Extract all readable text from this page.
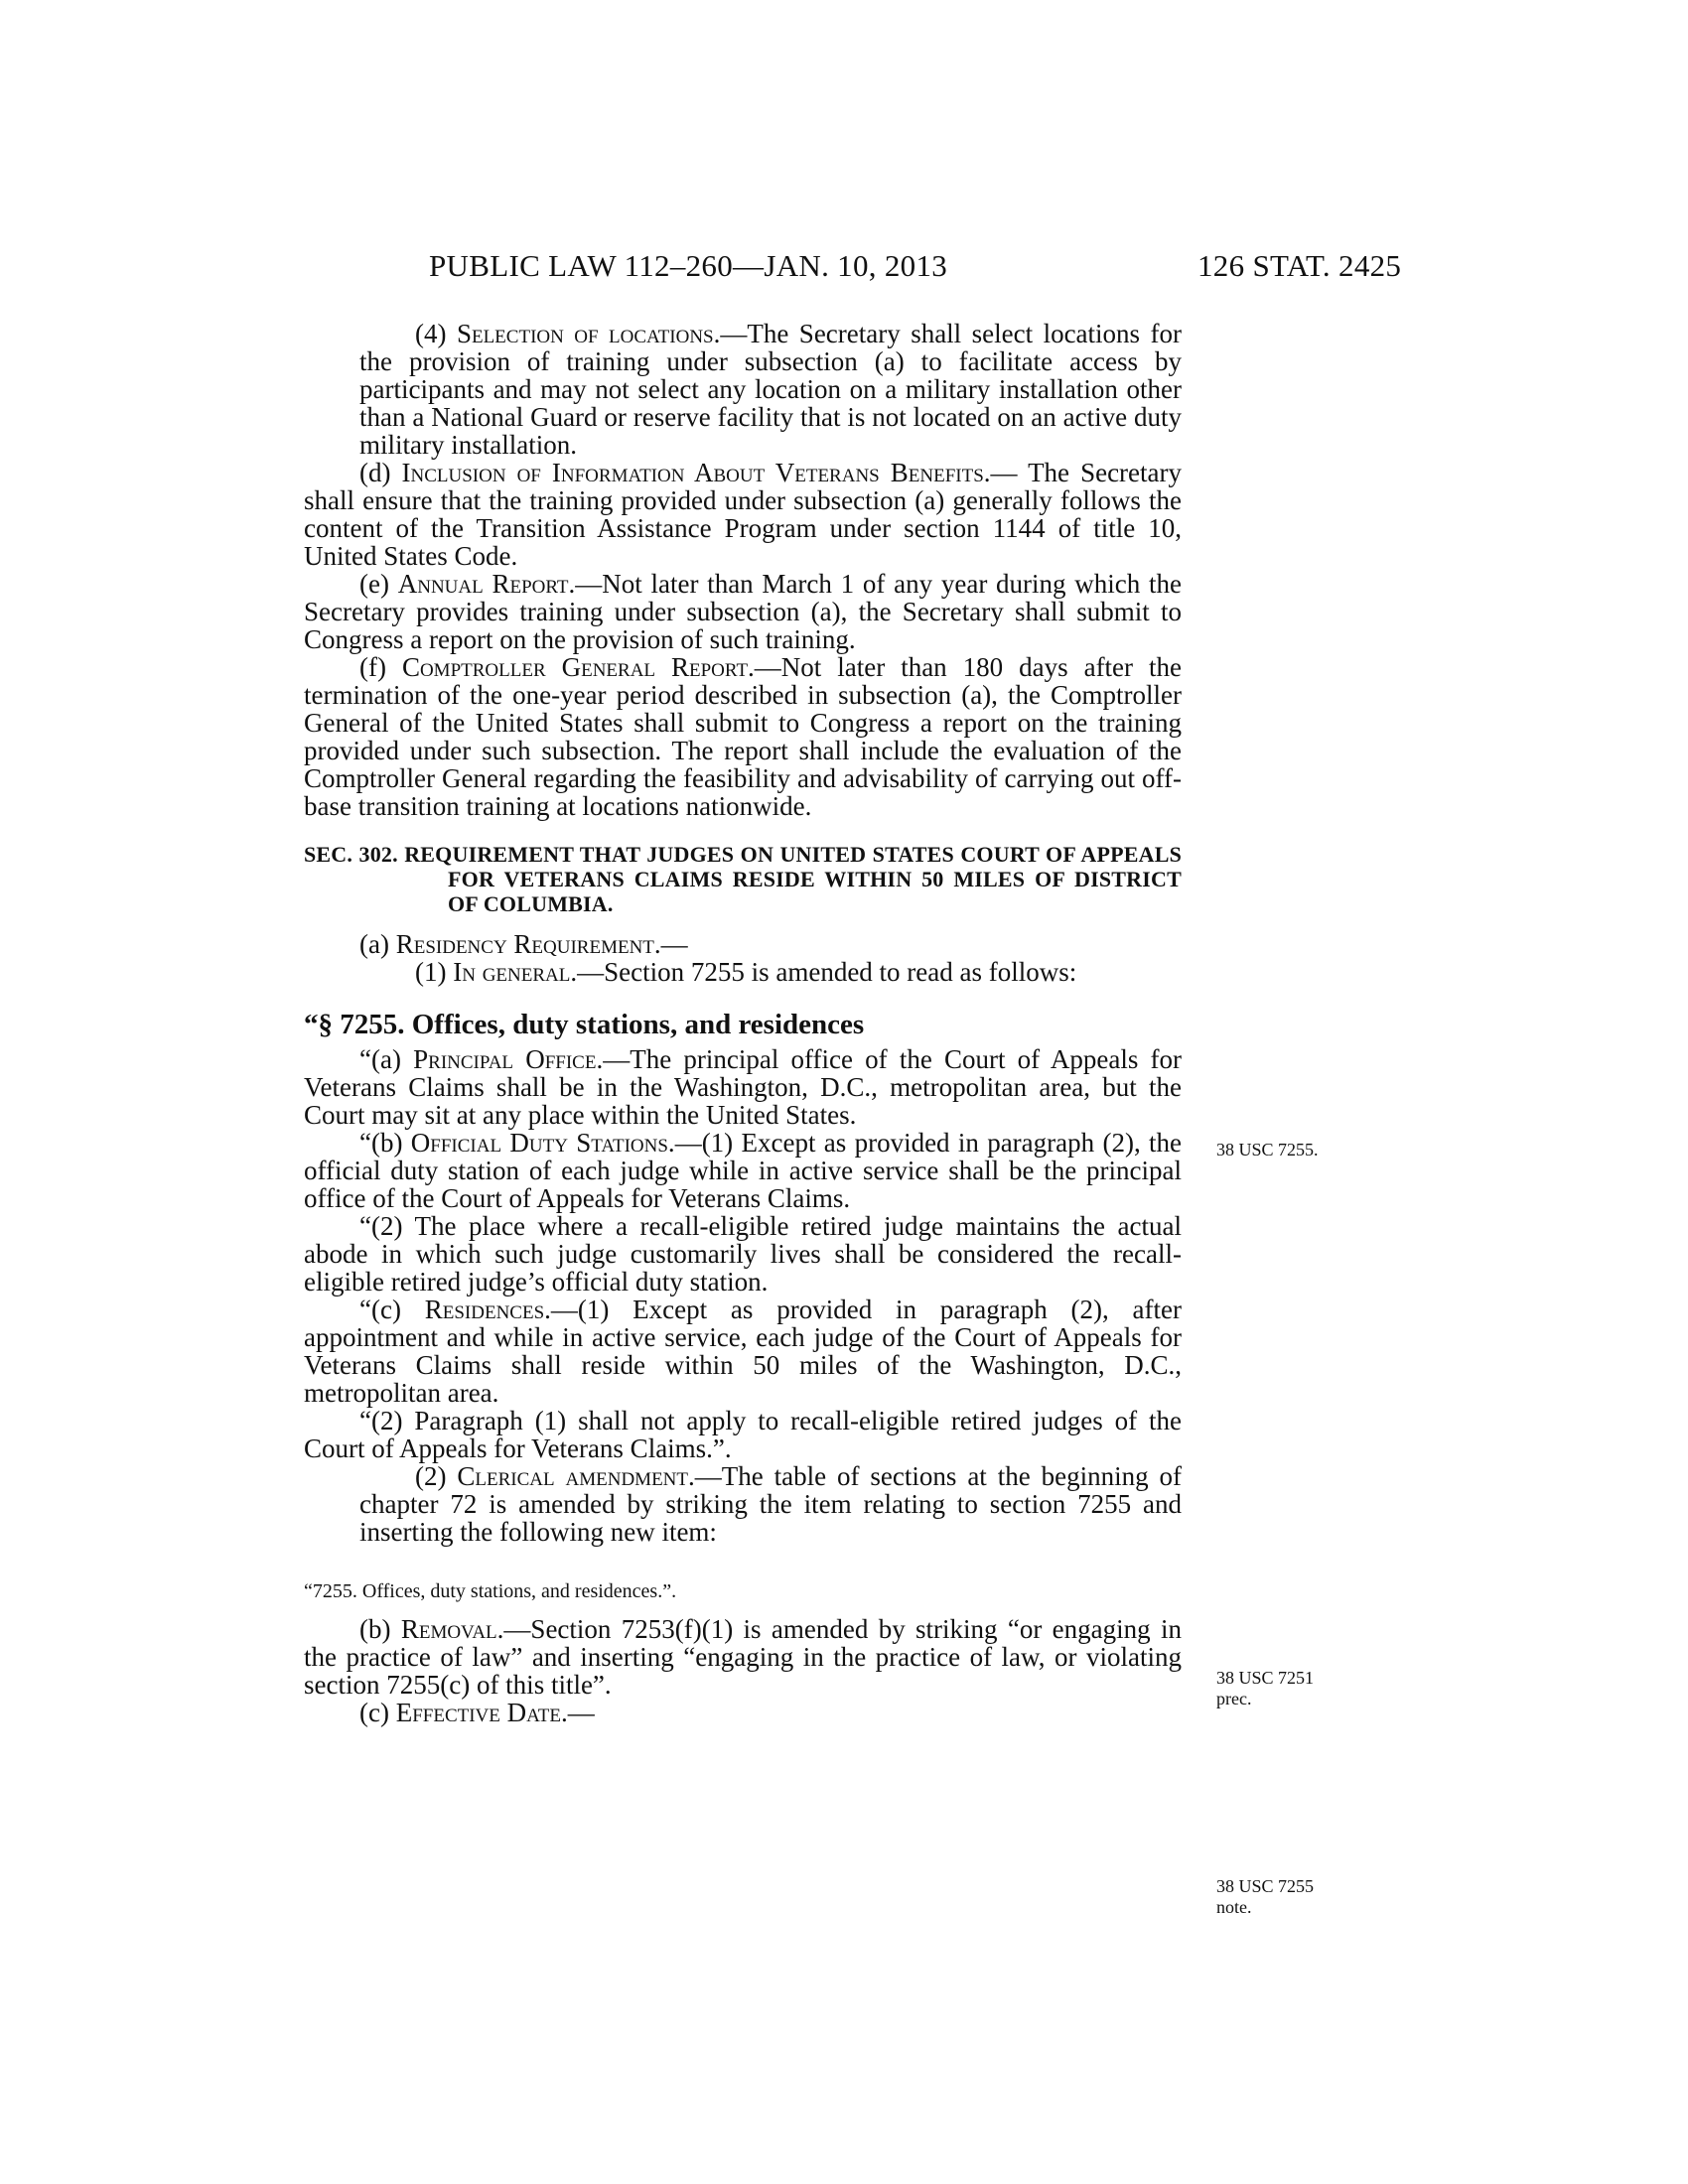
PUBLIC LAW 112–260—JAN. 10, 2013	126 STAT. 2425

(4) Selection of locations.—The Secretary shall select locations for the provision of training under subsection (a) to facilitate access by participants and may not select any location on a military installation other than a National Guard or reserve facility that is not located on an active duty military installation.

(d) Inclusion of Information About Veterans Benefits.— The Secretary shall ensure that the training provided under subsection (a) generally follows the content of the Transition Assistance Program under section 1144 of title 10, United States Code.

(e) Annual Report.—Not later than March 1 of any year during which the Secretary provides training under subsection (a), the Secretary shall submit to Congress a report on the provision of such training.

(f) Comptroller General Report.—Not later than 180 days after the termination of the one-year period described in subsection (a), the Comptroller General of the United States shall submit to Congress a report on the training provided under such subsection. The report shall include the evaluation of the Comptroller General regarding the feasibility and advisability of carrying out off-base transition training at locations nationwide.

SEC. 302. REQUIREMENT THAT JUDGES ON UNITED STATES COURT OF APPEALS FOR VETERANS CLAIMS RESIDE WITHIN 50 MILES OF DISTRICT OF COLUMBIA.

(a) Residency Requirement.—

(1) In general.—Section 7255 is amended to read as follows:

“§ 7255. Offices, duty stations, and residences

“(a) Principal Office.—The principal office of the Court of Appeals for Veterans Claims shall be in the Washington, D.C., metropolitan area, but the Court may sit at any place within the United States.

“(b) Official Duty Stations.—(1) Except as provided in paragraph (2), the official duty station of each judge while in active service shall be the principal office of the Court of Appeals for Veterans Claims.

“(2) The place where a recall-eligible retired judge maintains the actual abode in which such judge customarily lives shall be considered the recall-eligible retired judge’s official duty station.

“(c) Residences.—(1) Except as provided in paragraph (2), after appointment and while in active service, each judge of the Court of Appeals for Veterans Claims shall reside within 50 miles of the Washington, D.C., metropolitan area.

“(2) Paragraph (1) shall not apply to recall-eligible retired judges of the Court of Appeals for Veterans Claims.”.

(2) Clerical amendment.—The table of sections at the beginning of chapter 72 is amended by striking the item relating to section 7255 and inserting the following new item:

“7255. Offices, duty stations, and residences.”.

(b) Removal.—Section 7253(f)(1) is amended by striking “or engaging in the practice of law” and inserting “engaging in the practice of law, or violating section 7255(c) of this title”.

(c) Effective Date.—

38 USC 7255.
38 USC 7251
prec.
38 USC 7255
note.
